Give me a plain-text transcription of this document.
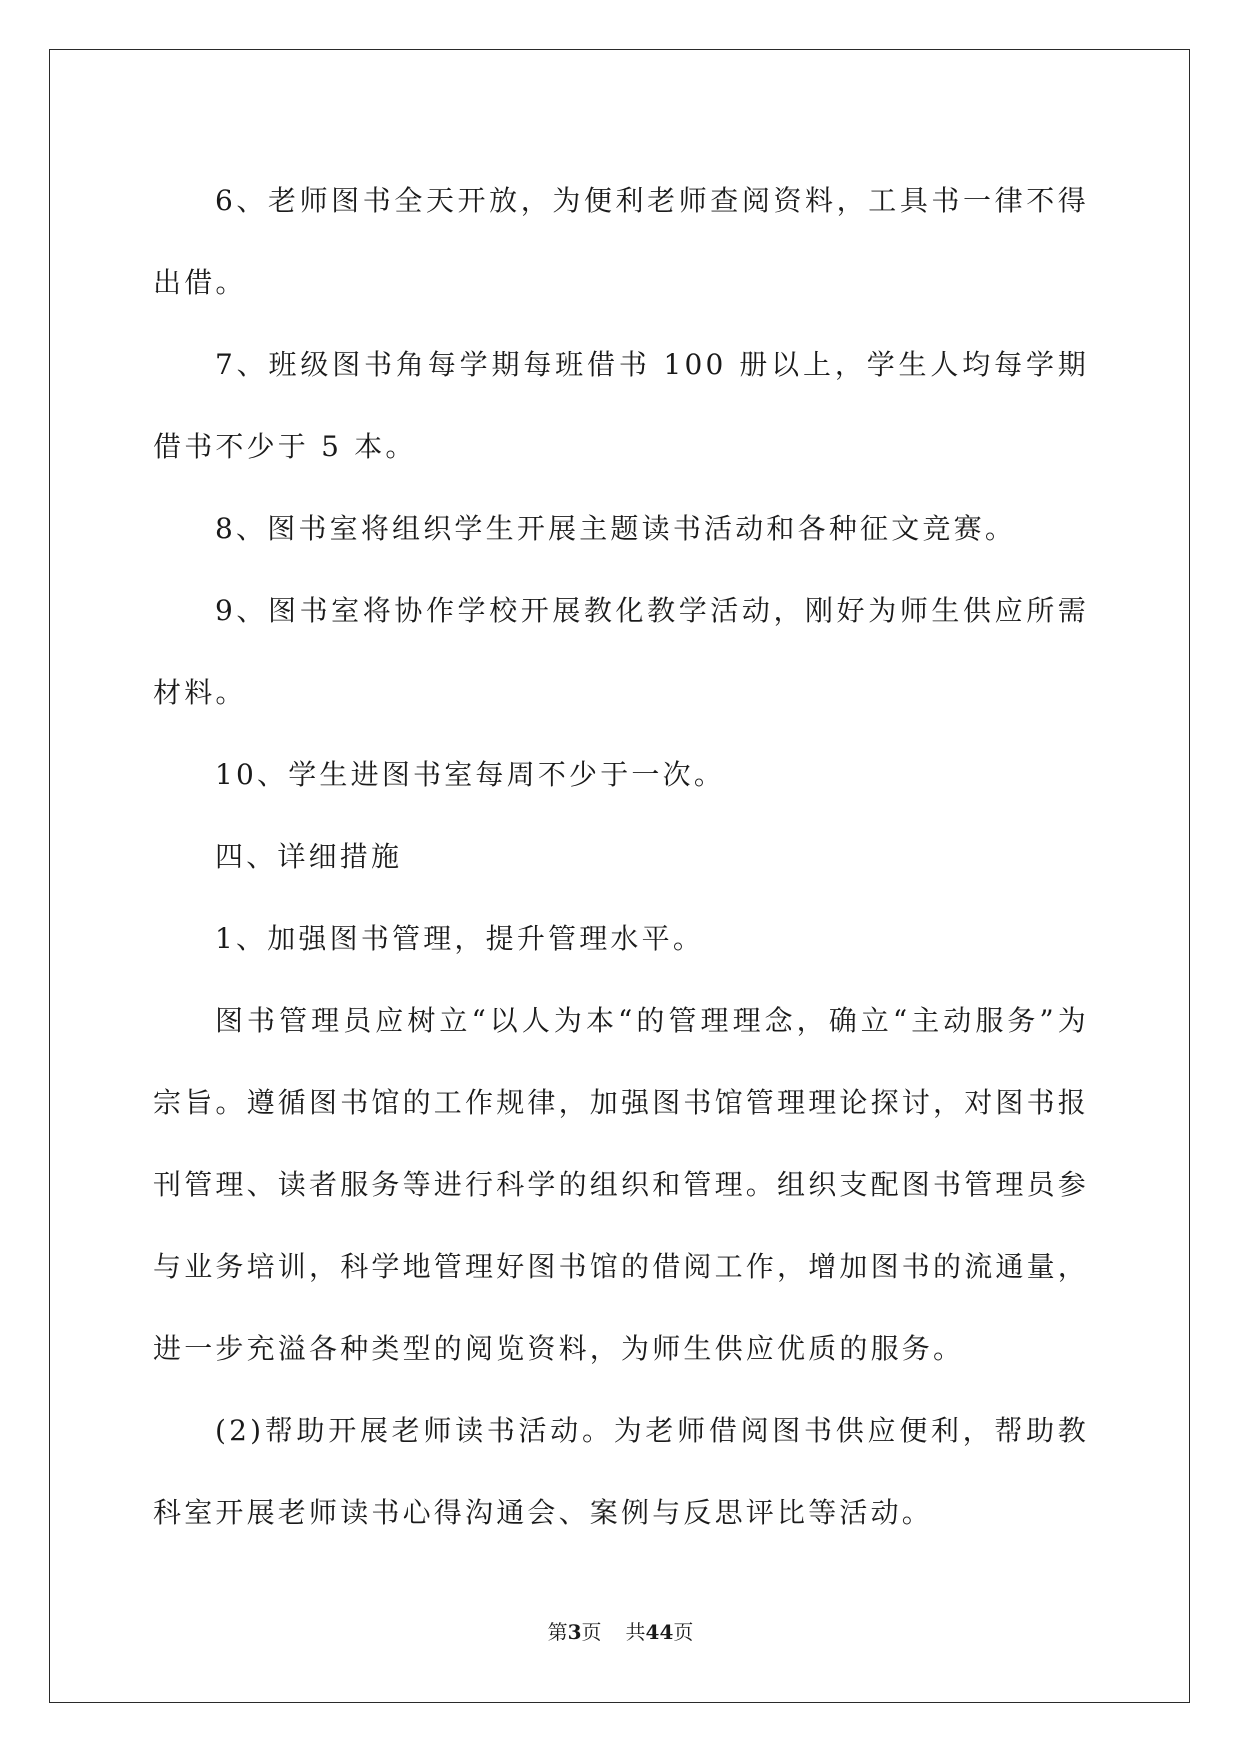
6、老师图书全天开放，为便利老师查阅资料，工具书一律不得出借。

7、班级图书角每学期每班借书 100 册以上，学生人均每学期借书不少于 5 本。

8、图书室将组织学生开展主题读书活动和各种征文竞赛。

9、图书室将协作学校开展教化教学活动，刚好为师生供应所需材料。

10、学生进图书室每周不少于一次。

四、详细措施

1、加强图书管理，提升管理水平。

图书管理员应树立“以人为本“的管理理念，确立“主动服务”为宗旨。遵循图书馆的工作规律，加强图书馆管理理论探讨，对图书报刊管理、读者服务等进行科学的组织和管理。组织支配图书管理员参与业务培训，科学地管理好图书馆的借阅工作，增加图书的流通量，进一步充溢各种类型的阅览资料，为师生供应优质的服务。

(2)帮助开展老师读书活动。为老师借阅图书供应便利，帮助教科室开展老师读书心得沟通会、案例与反思评比等活动。

第3页 共44页
